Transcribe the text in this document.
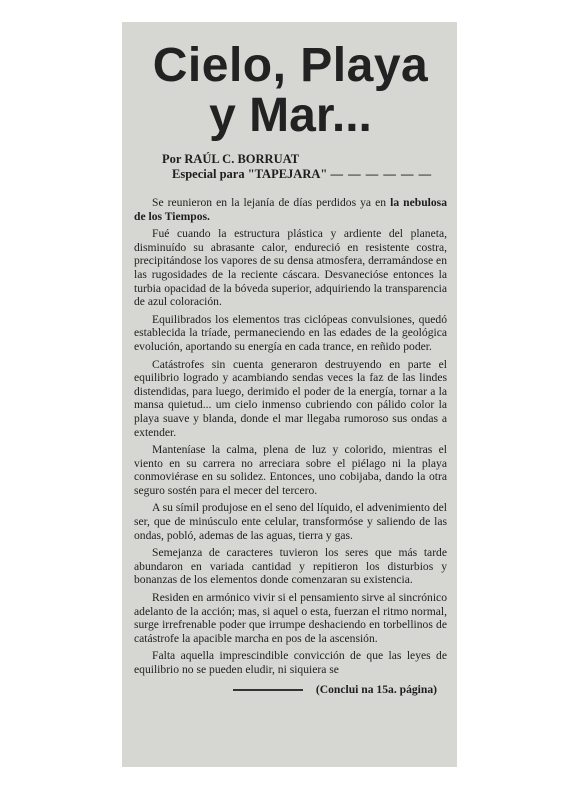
Cielo, Playa
y Mar...
Por RAÚL C. BORRUAT
Especial para "TAPEJARA" — — — — — —

Se reunieron en la lejanía de días perdidos ya en la nebulosa de los Tiempos.

Fué cuando la estructura plástica y ardiente del planeta, disminuído su abrasante calor, endureció en resistente costra, precipitándose los vapores de su densa atmosfera, derramándose en las rugosidades de la reciente cáscara. Desvanecióse entonces la turbia opacidad de la bóveda superior, adquiriendo la transparencia de azul coloración.

Equilibrados los elementos tras ciclópeas convulsiones, quedó establecida la tríade, permaneciendo en las edades de la geológica evolución, aportando su energía en cada trance, en reñido poder.

Catástrofes sin cuenta generaron destruyendo en parte el equilibrio logrado y acambiando sendas veces la faz de las lindes distendidas, para luego, derimido el poder de la energía, tornar a la mansa quietud... um cielo inmenso cubriendo con pálido color la playa suave y blanda, donde el mar llegaba rumoroso sus ondas a extender.

Manteníase la calma, plena de luz y colorido, mientras el viento en su carrera no arreciara sobre el piélago ni la playa conmoviérase en su solidez. Entonces, uno cobijaba, dando la otra seguro sostén para el mecer del tercero.

A su símil produjose en el seno del líquido, el advenimiento del ser, que de minúsculo ente celular, transformóse y saliendo de las ondas, pobló, ademas de las aguas, tierra y gas.

Semejanza de caracteres tuvieron los seres que más tarde abundaron en variada cantidad y repitieron los disturbios y bonanzas de los elementos donde comenzaran su existencia.

Residen en armónico vivir si el pensamiento sirve al sincrónico adelanto de la acción; mas, si aquel o esta, fuerzan el ritmo normal, surge irrefrenable poder que irrumpe deshaciendo en torbellinos de catástrofe la apacible marcha en pos de la ascensión.

Falta aquella imprescindible convicción de que las leyes de equilibrio no se pueden eludir, ni siquiera se

(Conclui na 15a. página)
